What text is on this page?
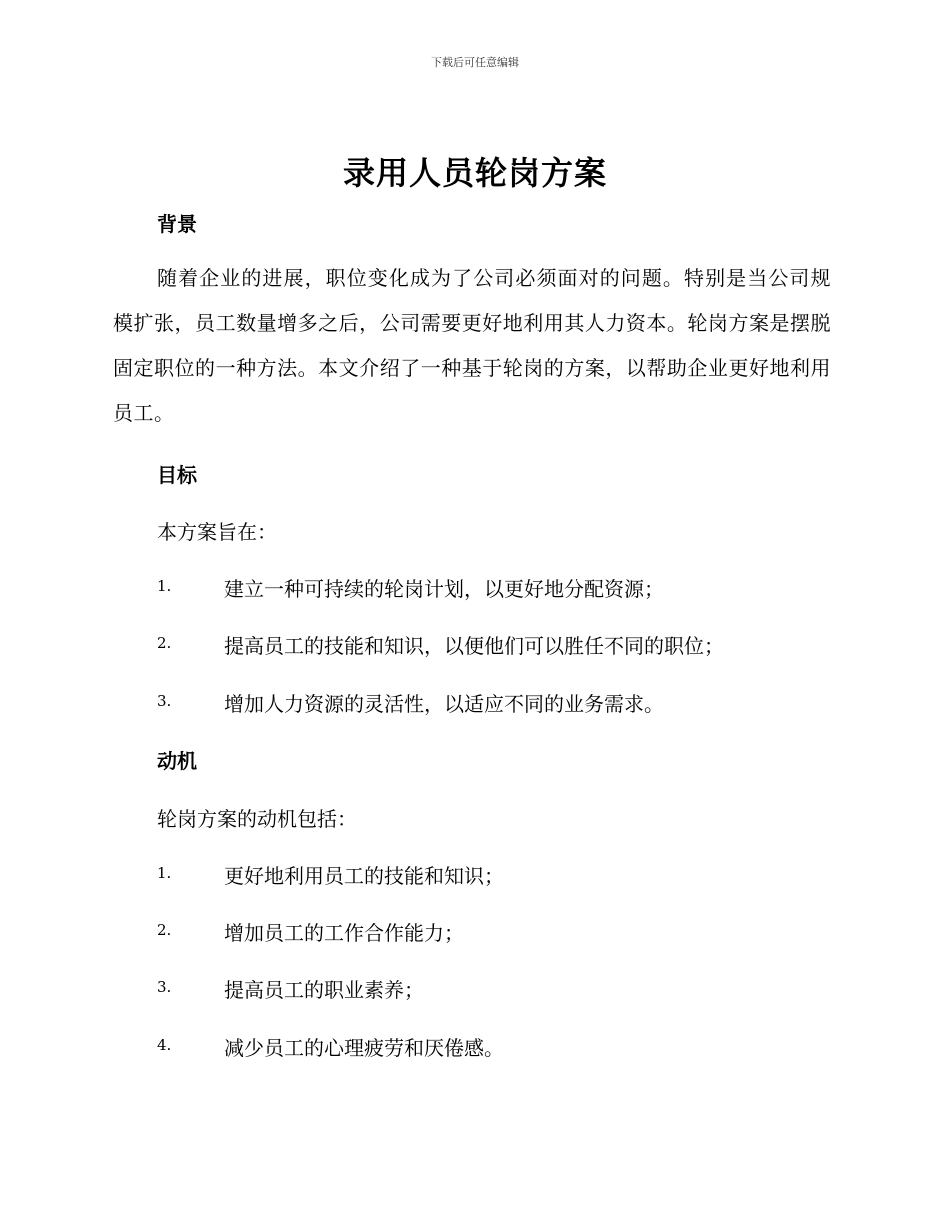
下载后可任意编辑
录用人员轮岗方案
背景

随着企业的进展，职位变化成为了公司必须面对的问题。特别是当公司规模扩张，员工数量增多之后，公司需要更好地利用其人力资本。轮岗方案是摆脱固定职位的一种方法。本文介绍了一种基于轮岗的方案，以帮助企业更好地利用员工。

目标

本方案旨在：

1.	建立一种可持续的轮岗计划，以更好地分配资源；
2.	提高员工的技能和知识，以便他们可以胜任不同的职位；
3.	增加人力资源的灵活性，以适应不同的业务需求。
动机

轮岗方案的动机包括：

1.	更好地利用员工的技能和知识；
2.	增加员工的工作合作能力；
3.	提高员工的职业素养；
4.	减少员工的心理疲劳和厌倦感。
